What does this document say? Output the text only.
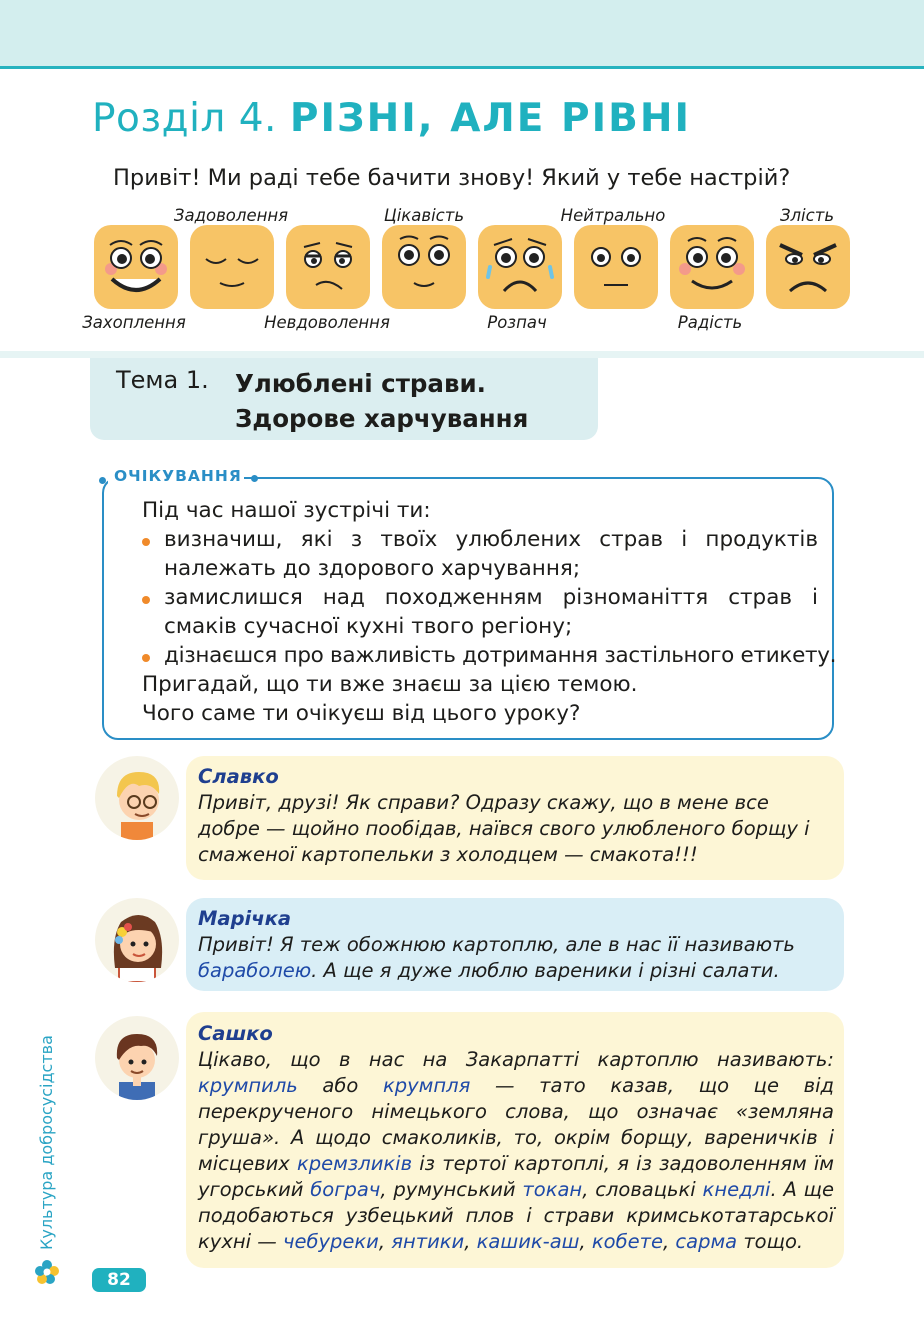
Розділ 4. РІЗНІ, АЛЕ РІВНІ
Привіт! Ми раді тебе бачити знову! Який у тебе настрій?
Захоплення
Задоволення
Невдоволення
Цікавість
Розпач
Нейтрально
Радість
Злість
Тема 1. Улюблені страви.
Здорове харчування
ОЧІКУВАННЯ
Під час нашої зустрічі ти:
визначиш, які з твоїх улюблених страв і продуктів належать до здорового харчування;
замислишся над походженням різноманіття страв і смаків сучасної кухні твого регіону;
дізнаєшся про важливість дотримання застільного етикету.
Пригадай, що ти вже знаєш за цією темою.
Чого саме ти очікуєш від цього уроку?
Славко
Привіт, друзі! Як справи? Одразу скажу, що в мене все добре — щойно пообідав, наївся свого улюбленого борщу і смаженої картопельки з холодцем — смакота!!!
Марічка
Привіт! Я теж обожнюю картоплю, але в нас її називають бараболею. А ще я дуже люблю вареники і різні салати.
Сашко
Цікаво, що в нас на Закарпатті картоплю називають: крумпиль або крумпля — тато казав, що це від перекрученого німецького слова, що означає «земляна груша». А щодо смаколиків, то, окрім борщу, вареничків і місцевих кремзликів із тертої картоплі, я із задоволенням їм угорський бограч, румунський токан, словацькі кнедлі. А ще подобаються узбецький плов і страви кримськотатарської кухні — чебуреки, янтики, кашик-аш, кобете, сарма тощо.
Культура добросусідства
82
